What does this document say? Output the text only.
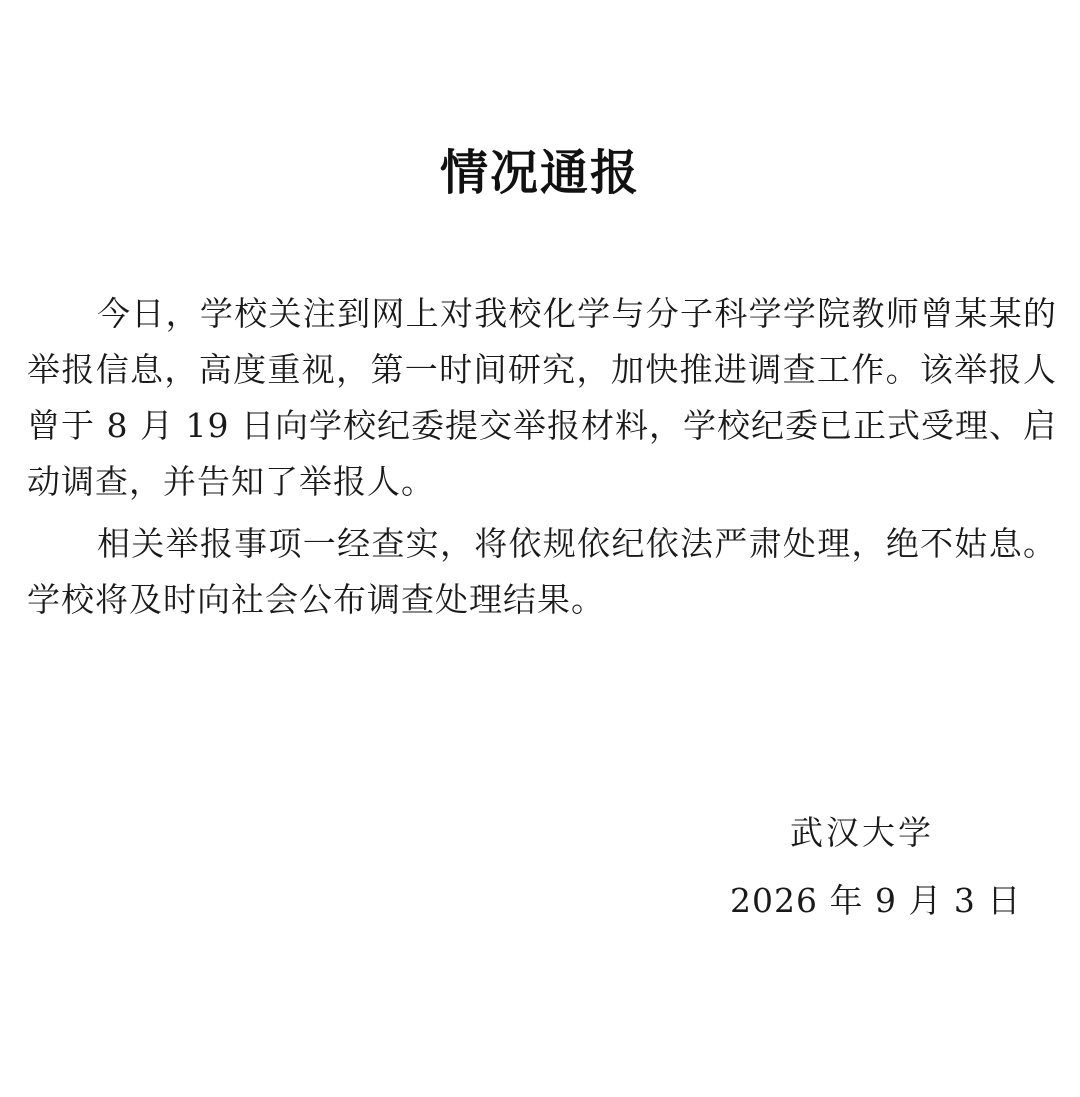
情况通报

今日，学校关注到网上对我校化学与分子科学学院教师曾某某的举报信息，高度重视，第一时间研究，加快推进调查工作。该举报人曾于 8 月 19 日向学校纪委提交举报材料，学校纪委已正式受理、启动调查，并告知了举报人。

相关举报事项一经查实，将依规依纪依法严肃处理，绝不姑息。学校将及时向社会公布调查处理结果。

武汉大学
2026 年 9 月 3 日
